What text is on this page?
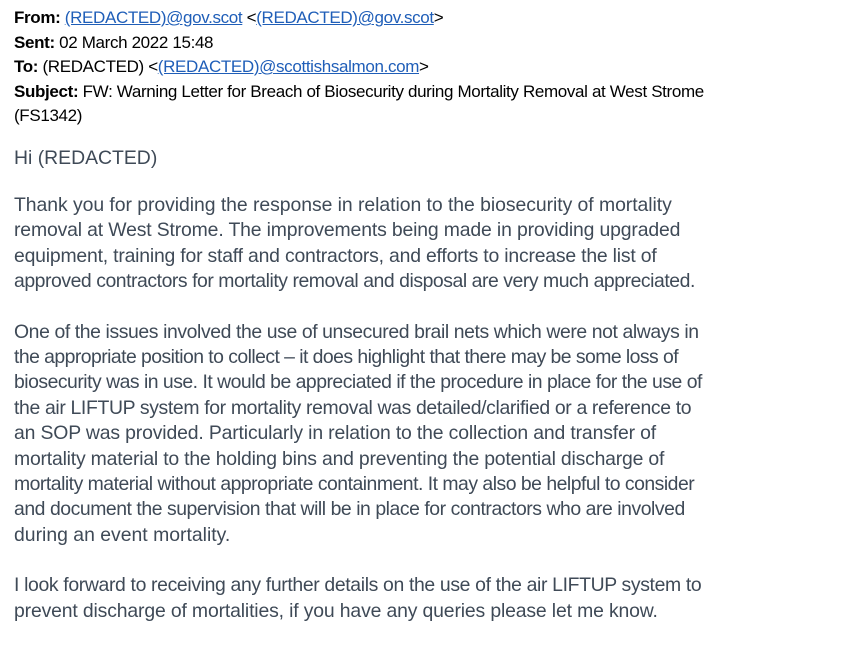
From: (REDACTED)@gov.scot <(REDACTED)@gov.scot>
Sent: 02 March 2022 15:48
To: (REDACTED) <(REDACTED)@scottishsalmon.com>
Subject: FW: Warning Letter for Breach of Biosecurity during Mortality Removal at West Strome
(FS1342)
Hi (REDACTED)
Thank you for providing the response in relation to the biosecurity of mortality
removal at West Strome. The improvements being made in providing upgraded
equipment, training for staff and contractors, and efforts to increase the list of
approved contractors for mortality removal and disposal are very much appreciated.
One of the issues involved the use of unsecured brail nets which were not always in
the appropriate position to collect – it does highlight that there may be some loss of
biosecurity was in use. It would be appreciated if the procedure in place for the use of
the air LIFTUP system for mortality removal was detailed/clarified or a reference to
an SOP was provided. Particularly in relation to the collection and transfer of
mortality material to the holding bins and preventing the potential discharge of
mortality material without appropriate containment. It may also be helpful to consider
and document the supervision that will be in place for contractors who are involved
during an event mortality.
I look forward to receiving any further details on the use of the air LIFTUP system to
prevent discharge of mortalities, if you have any queries please let me know.
